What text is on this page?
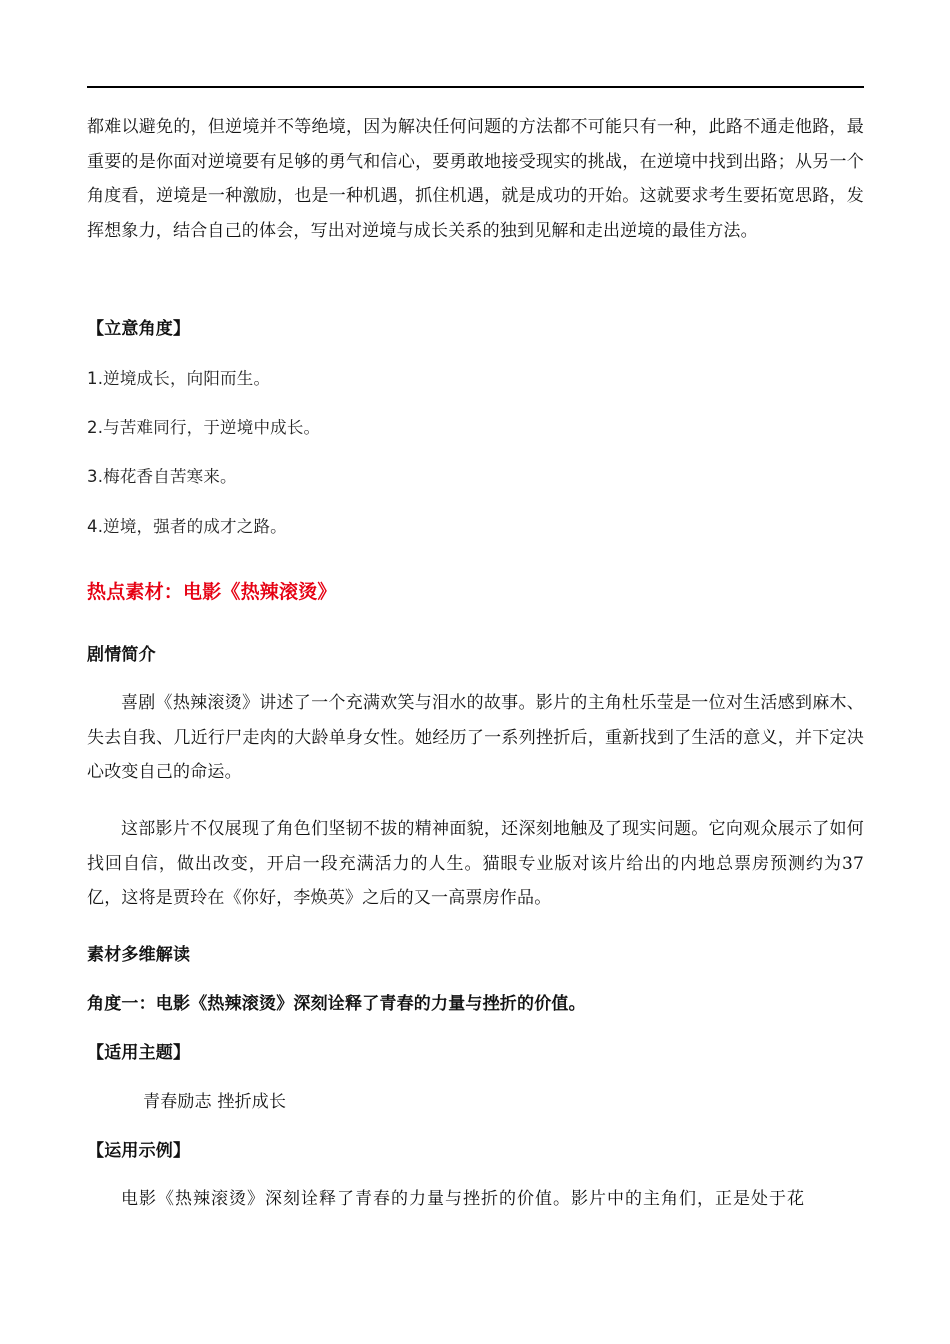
都难以避免的，但逆境并不等绝境，因为解决任何问题的方法都不可能只有一种，此路不通走他路，最重要的是你面对逆境要有足够的勇气和信心，要勇敢地接受现实的挑战，在逆境中找到出路；从另一个角度看，逆境是一种激励，也是一种机遇，抓住机遇，就是成功的开始。这就要求考生要拓宽思路，发挥想象力，结合自己的体会，写出对逆境与成长关系的独到见解和走出逆境的最佳方法。
【立意角度】
1.逆境成长，向阳而生。
2.与苦难同行，于逆境中成长。
3.梅花香自苦寒来。
4.逆境，强者的成才之路。
热点素材：电影《热辣滚烫》
剧情简介
喜剧《热辣滚烫》讲述了一个充满欢笑与泪水的故事。影片的主角杜乐莹是一位对生活感到麻木、失去自我、几近行尸走肉的大龄单身女性。她经历了一系列挫折后，重新找到了生活的意义，并下定决心改变自己的命运。
这部影片不仅展现了角色们坚韧不拔的精神面貌，还深刻地触及了现实问题。它向观众展示了如何找回自信，做出改变，开启一段充满活力的人生。猫眼专业版对该片给出的内地总票房预测约为37亿，这将是贾玲在《你好，李焕英》之后的又一高票房作品。
素材多维解读
角度一：电影《热辣滚烫》深刻诠释了青春的力量与挫折的价值。
【适用主题】
青春励志 挫折成长
【运用示例】
电影《热辣滚烫》深刻诠释了青春的力量与挫折的价值。影片中的主角们，正是处于花
